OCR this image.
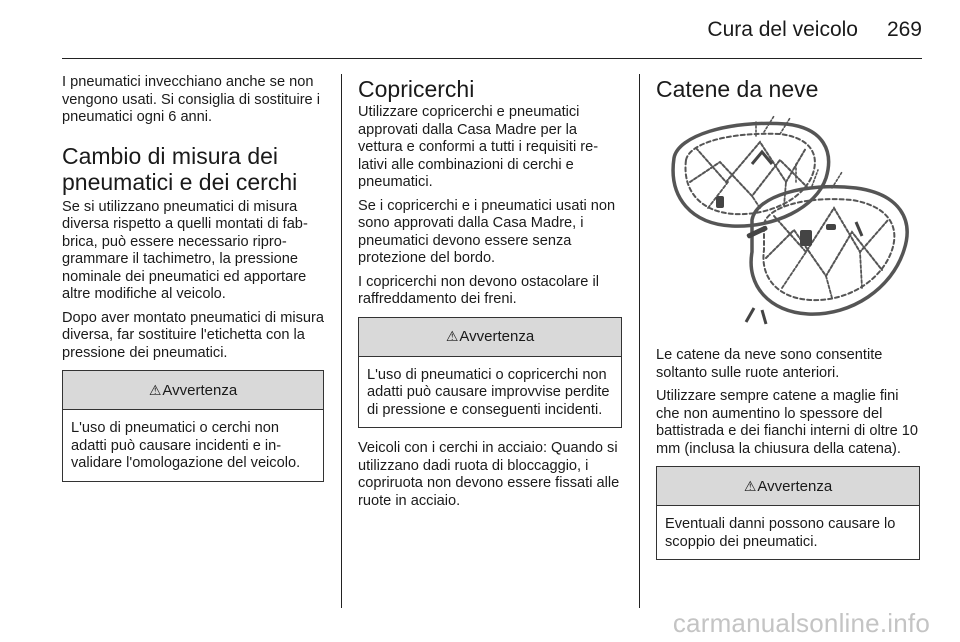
Cura del veicolo	269

I pneumatici invecchiano anche se non vengono usati. Si consiglia di sostituire i pneumatici ogni 6 anni.

Cambio di misura dei pneumatici e dei cerchi

Se si utilizzano pneumatici di misura diversa rispetto a quelli montati di fabbrica, può essere necessario riprogrammare il tachimetro, la pressione nominale dei pneumatici ed apportare altre modifiche al veicolo.

Dopo aver montato pneumatici di misura diversa, far sostituire l'etichetta con la pressione dei pneumatici.

⚠ Avvertenza

L'uso di pneumatici o cerchi non adatti può causare incidenti e invalidare l'omologazione del veicolo.

Copricerchi

Utilizzare copricerchi e pneumatici approvati dalla Casa Madre per la vettura e conformi a tutti i requisiti relativi alle combinazioni di cerchi e pneumatici.

Se i copricerchi e i pneumatici usati non sono approvati dalla Casa Madre, i pneumatici devono essere senza protezione del bordo.

I copricerchi non devono ostacolare il raffreddamento dei freni.

⚠ Avvertenza

L'uso di pneumatici o copricerchi non adatti può causare improvvise perdite di pressione e conseguenti incidenti.

Veicoli con i cerchi in acciaio: Quando si utilizzano dadi ruota di bloccaggio, i copriruota non devono essere fissati alle ruote in acciaio.

Catene da neve

Le catene da neve sono consentite soltanto sulle ruote anteriori.

Utilizzare sempre catene a maglie fini che non aumentino lo spessore del battistrada e dei fianchi interni di oltre 10 mm (inclusa la chiusura della catena).

⚠ Avvertenza

Eventuali danni possono causare lo scoppio dei pneumatici.

carmanualsonline.info
